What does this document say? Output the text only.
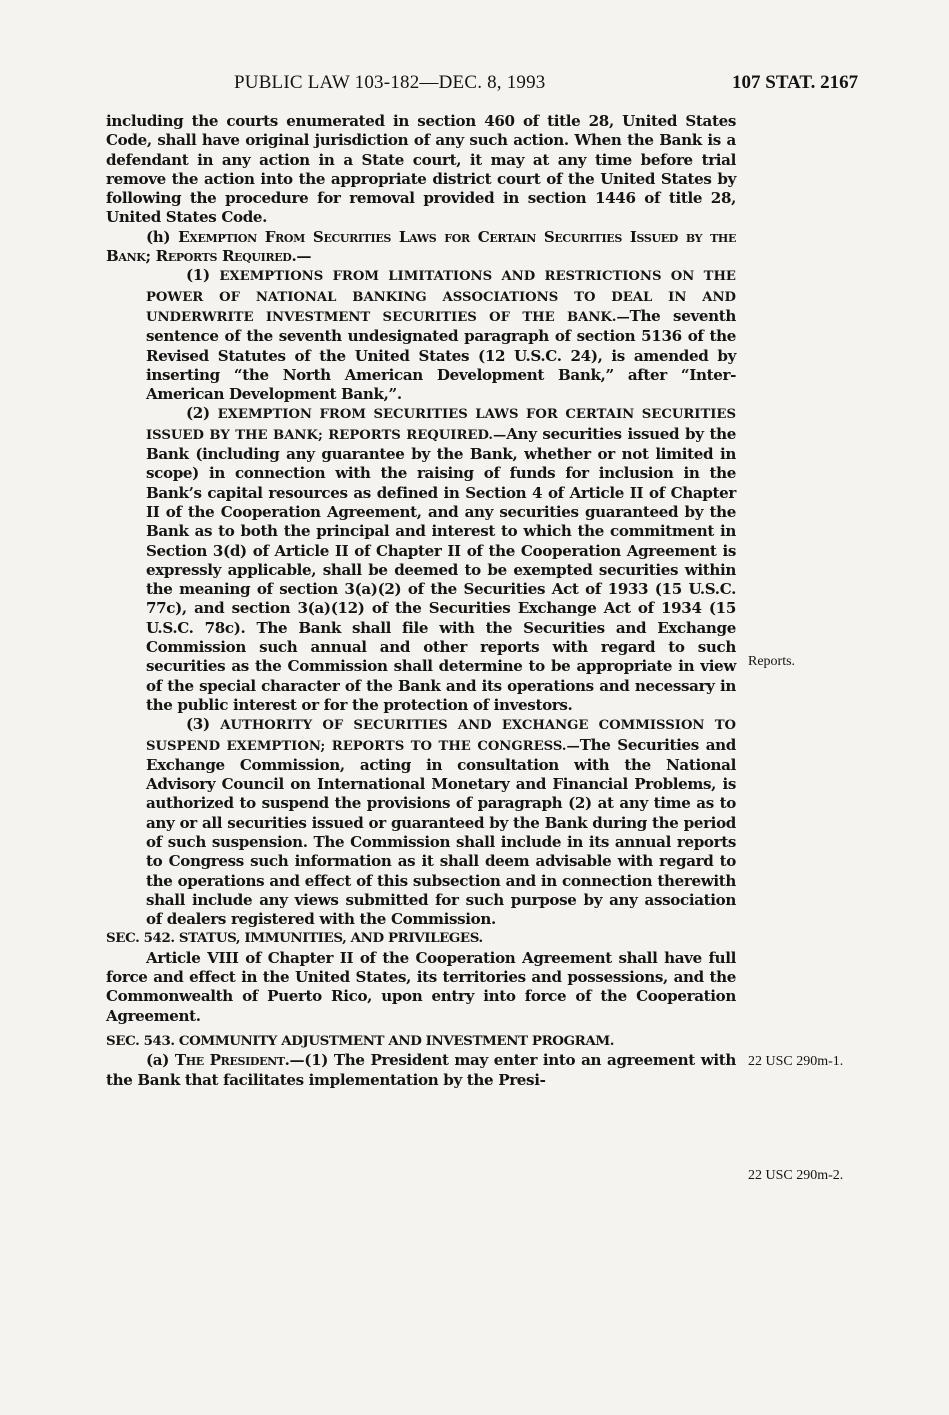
PUBLIC LAW 103-182—DEC. 8, 1993	107 STAT. 2167

including the courts enumerated in section 460 of title 28, United States Code, shall have original jurisdiction of any such action. When the Bank is a defendant in any action in a State court, it may at any time before trial remove the action into the appropriate district court of the United States by following the procedure for removal provided in section 1446 of title 28, United States Code.

(h) Exemption From Securities Laws for Certain Securities Issued by the Bank; Reports Required.—

(1) EXEMPTIONS FROM LIMITATIONS AND RESTRICTIONS ON THE POWER OF NATIONAL BANKING ASSOCIATIONS TO DEAL IN AND UNDERWRITE INVESTMENT SECURITIES OF THE BANK.—The seventh sentence of the seventh undesignated paragraph of section 5136 of the Revised Statutes of the United States (12 U.S.C. 24), is amended by inserting “the North American Development Bank,” after “Inter-American Development Bank,”.

(2) EXEMPTION FROM SECURITIES LAWS FOR CERTAIN SECURITIES ISSUED BY THE BANK; REPORTS REQUIRED.—Any securities issued by the Bank (including any guarantee by the Bank, whether or not limited in scope) in connection with the raising of funds for inclusion in the Bank’s capital resources as defined in Section 4 of Article II of Chapter II of the Cooperation Agreement, and any securities guaranteed by the Bank as to both the principal and interest to which the commitment in Section 3(d) of Article II of Chapter II of the Cooperation Agreement is expressly applicable, shall be deemed to be exempted securities within the meaning of section 3(a)(2) of the Securities Act of 1933 (15 U.S.C. 77c), and section 3(a)(12) of the Securities Exchange Act of 1934 (15 U.S.C. 78c). The Bank shall file with the Securities and Exchange Commission such annual and other reports with regard to such securities as the Commission shall determine to be appropriate in view of the special character of the Bank and its operations and necessary in the public interest or for the protection of investors.

(3) AUTHORITY OF SECURITIES AND EXCHANGE COMMISSION TO SUSPEND EXEMPTION; REPORTS TO THE CONGRESS.—The Securities and Exchange Commission, acting in consultation with the National Advisory Council on International Monetary and Financial Problems, is authorized to suspend the provisions of paragraph (2) at any time as to any or all securities issued or guaranteed by the Bank during the period of such suspension. The Commission shall include in its annual reports to Congress such information as it shall deem advisable with regard to the operations and effect of this subsection and in connection therewith shall include any views submitted for such purpose by any association of dealers registered with the Commission.

SEC. 542. STATUS, IMMUNITIES, AND PRIVILEGES.

Article VIII of Chapter II of the Cooperation Agreement shall have full force and effect in the United States, its territories and possessions, and the Commonwealth of Puerto Rico, upon entry into force of the Cooperation Agreement.

SEC. 543. COMMUNITY ADJUSTMENT AND INVESTMENT PROGRAM.

(a) The President.—(1) The President may enter into an agreement with the Bank that facilitates implementation by the Presi-

Reports.
22 USC 290m-1.
22 USC 290m-2.
